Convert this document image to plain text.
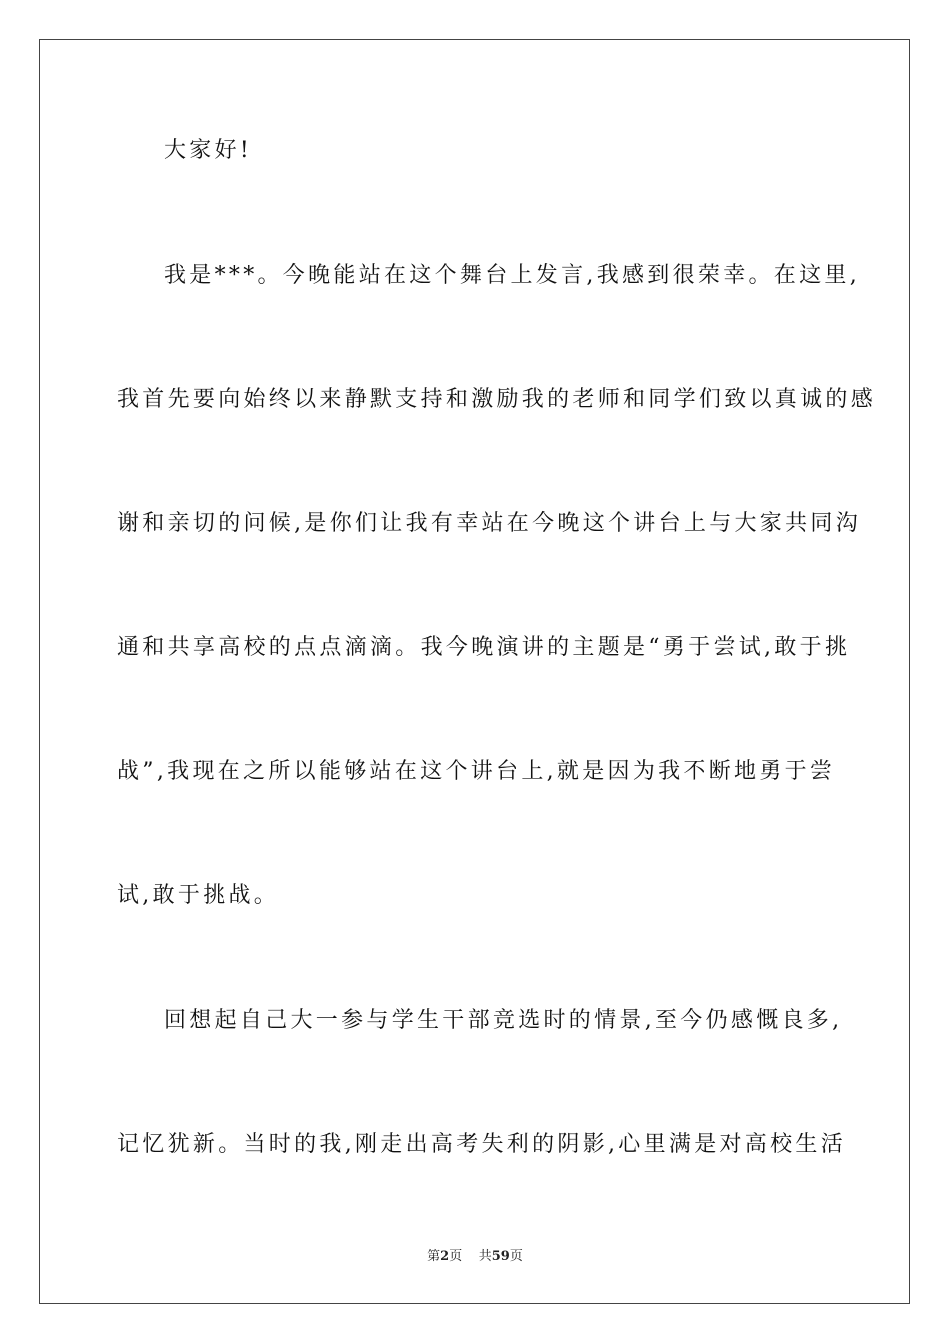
大家好!
我是***。今晚能站在这个舞台上发言,我感到很荣幸。在这里,
我首先要向始终以来静默支持和激励我的老师和同学们致以真诚的感
谢和亲切的问候,是你们让我有幸站在今晚这个讲台上与大家共同沟
通和共享高校的点点滴滴。我今晚演讲的主题是“勇于尝试,敢于挑
战”,我现在之所以能够站在这个讲台上,就是因为我不断地勇于尝
试,敢于挑战。
回想起自己大一参与学生干部竞选时的情景,至今仍感慨良多,
记忆犹新。当时的我,刚走出高考失利的阴影,心里满是对高校生活
第2页 共59页
